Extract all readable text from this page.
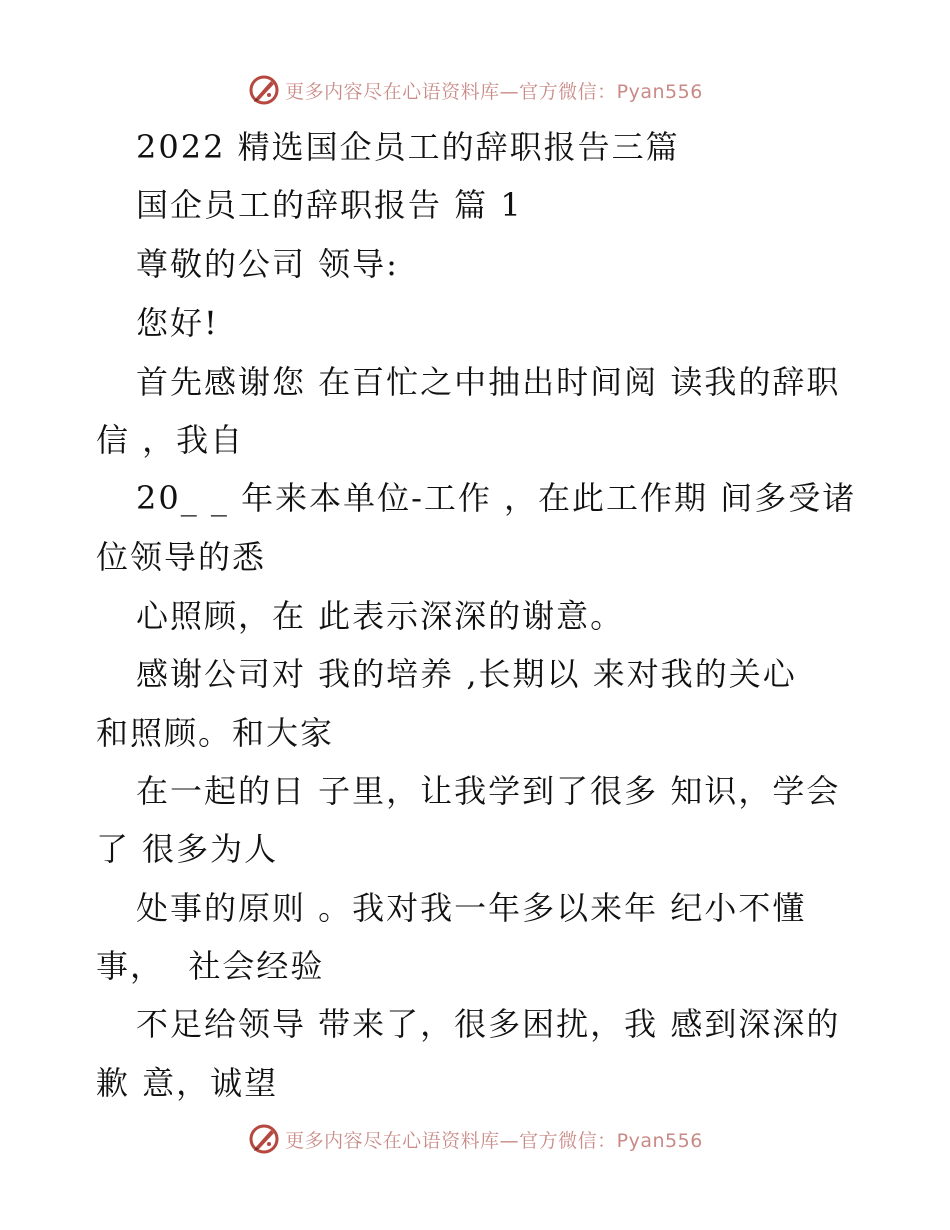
更多内容尽在心语资料库—官方微信：Pyan556
2022 精选国企员工的辞职报告三篇
国企员工的辞职报告 篇 1
尊敬的公司 领导:
您好!
首先感谢您 在百忙之中抽出时间阅 读我的辞职
信 ，我自
20_ _ 年来本单位-工作 ，在此工作期 间多受诸
位领导的悉
心照顾，在 此表示深深的谢意。
感谢公司对 我的培养 ,长期以 来对我的关心
和照顾。和大家
在一起的日 子里，让我学到了很多 知识，学会
了 很多为人
处事的原则 。我对我一年多以来年 纪小不懂
事，  社会经验
不足给领导 带来了，很多困扰，我 感到深深的
歉 意，诚望
更多内容尽在心语资料库—官方微信：Pyan556
